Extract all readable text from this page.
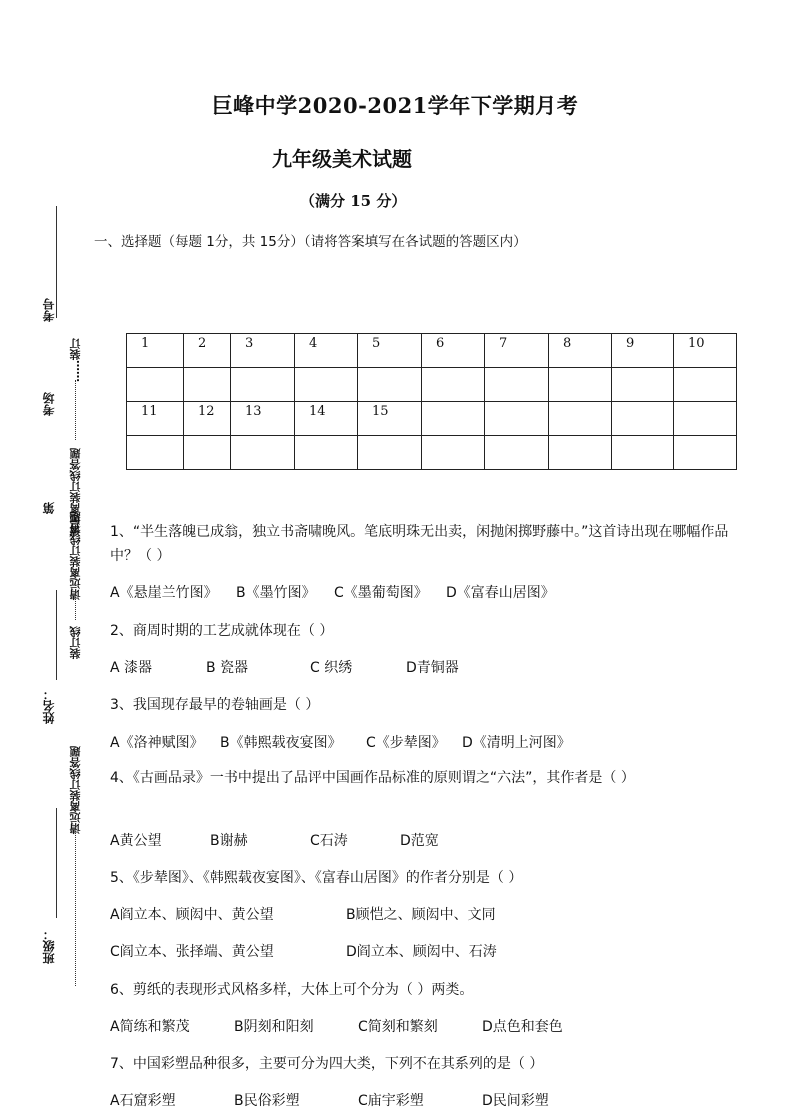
考号
……装订
考场
请远离装订线答题
第
请远离装订线答题
装订线
姓名：
请远离装订线答题
班级：
巨峰中学2020-2021学年下学期月考
九年级美术试题
（满分 15 分）
一、选择题（每题 1分，共 15分）（请将答案填写在各试题的答题区内）
1	2	3	4	5	6	7	8	9	10

11	12	13	14	15					

1、“半生落魄已成翁，独立书斋啸晚风。笔底明珠无出卖，闲抛闲掷野藤中。”这首诗出现在哪幅作品中？（ ）
A《悬崖兰竹图》 B《墨竹图》 C《墨葡萄图》 D《富春山居图》
2、商周时期的工艺成就体现在（ ）
A 漆器	B 瓷器	C 织绣	D青铜器
3、我国现存最早的卷轴画是（ ）
A《洛神赋图》 B《韩熙载夜宴图》 C《步辇图》 D《清明上河图》
4、《古画品录》一书中提出了品评中国画作品标准的原则谓之“六法”，其作者是（ ）
A黄公望	B谢赫	C石涛	D范宽
5、《步辇图》、《韩熙载夜宴图》、《富春山居图》的作者分别是（ ）
A阎立本、顾闳中、黄公望	B顾恺之、顾闳中、文同
C阎立本、张择端、黄公望	D阎立本、顾闳中、石涛
6、剪纸的表现形式风格多样，大体上可个分为（ ）两类。
A简练和繁茂	B阴刻和阳刻	C简刻和繁刻	D点色和套色
7、中国彩塑品种很多，主要可分为四大类，下列不在其系列的是（ ）
A石窟彩塑	B民俗彩塑	C庙宇彩塑	D民间彩塑
